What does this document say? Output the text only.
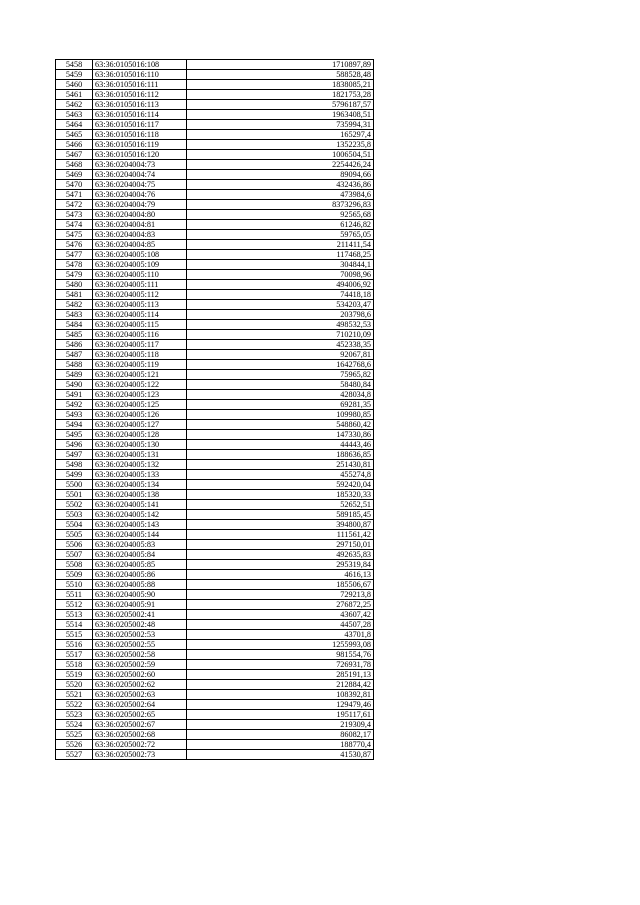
5458	63:36:0105016:108	1710897,89
5459	63:36:0105016:110	588528,48
5460	63:36:0105016:111	1838085,21
5461	63:36:0105016:112	1821753,28
5462	63:36:0105016:113	5796187,57
5463	63:36:0105016:114	1963408,51
5464	63:36:0105016:117	735994,31
5465	63:36:0105016:118	165297,4
5466	63:36:0105016:119	1352235,8
5467	63:36:0105016:120	1006504,51
5468	63:36:0204004:73	2254426,24
5469	63:36:0204004:74	89094,66
5470	63:36:0204004:75	432436,86
5471	63:36:0204004:76	473984,6
5472	63:36:0204004:79	8373296,83
5473	63:36:0204004:80	92565,68
5474	63:36:0204004:81	61246,82
5475	63:36:0204004:83	59765,05
5476	63:36:0204004:85	211411,54
5477	63:36:0204005:108	117468,25
5478	63:36:0204005:109	304844,1
5479	63:36:0204005:110	70098,96
5480	63:36:0204005:111	494006,92
5481	63:36:0204005:112	74418,18
5482	63:36:0204005:113	534203,47
5483	63:36:0204005:114	203798,6
5484	63:36:0204005:115	498532,53
5485	63:36:0204005:116	710210,09
5486	63:36:0204005:117	452338,35
5487	63:36:0204005:118	92067,81
5488	63:36:0204005:119	1642768,6
5489	63:36:0204005:121	75965,82
5490	63:36:0204005:122	58480,84
5491	63:36:0204005:123	428034,8
5492	63:36:0204005:125	69281,35
5493	63:36:0204005:126	109980,85
5494	63:36:0204005:127	548860,42
5495	63:36:0204005:128	147330,86
5496	63:36:0204005:130	44443,46
5497	63:36:0204005:131	188636,85
5498	63:36:0204005:132	251430,81
5499	63:36:0204005:133	455274,8
5500	63:36:0204005:134	592420,04
5501	63:36:0204005:138	185320,33
5502	63:36:0204005:141	52652,51
5503	63:36:0204005:142	589185,45
5504	63:36:0204005:143	394800,87
5505	63:36:0204005:144	111561,42
5506	63:36:0204005:83	297150,01
5507	63:36:0204005:84	492635,83
5508	63:36:0204005:85	295319,84
5509	63:36:0204005:86	4616,13
5510	63:36:0204005:88	185506,67
5511	63:36:0204005:90	729213,8
5512	63:36:0204005:91	276872,25
5513	63:36:0205002:41	43607,42
5514	63:36:0205002:48	44507,28
5515	63:36:0205002:53	43701,8
5516	63:36:0205002:55	1255993,08
5517	63:36:0205002:58	981554,76
5518	63:36:0205002:59	726931,78
5519	63:36:0205002:60	285191,13
5520	63:36:0205002:62	212884,42
5521	63:36:0205002:63	108392,81
5522	63:36:0205002:64	129479,46
5523	63:36:0205002:65	195117,61
5524	63:36:0205002:67	219309,4
5525	63:36:0205002:68	86082,17
5526	63:36:0205002:72	188770,4
5527	63:36:0205002:73	41530,87
